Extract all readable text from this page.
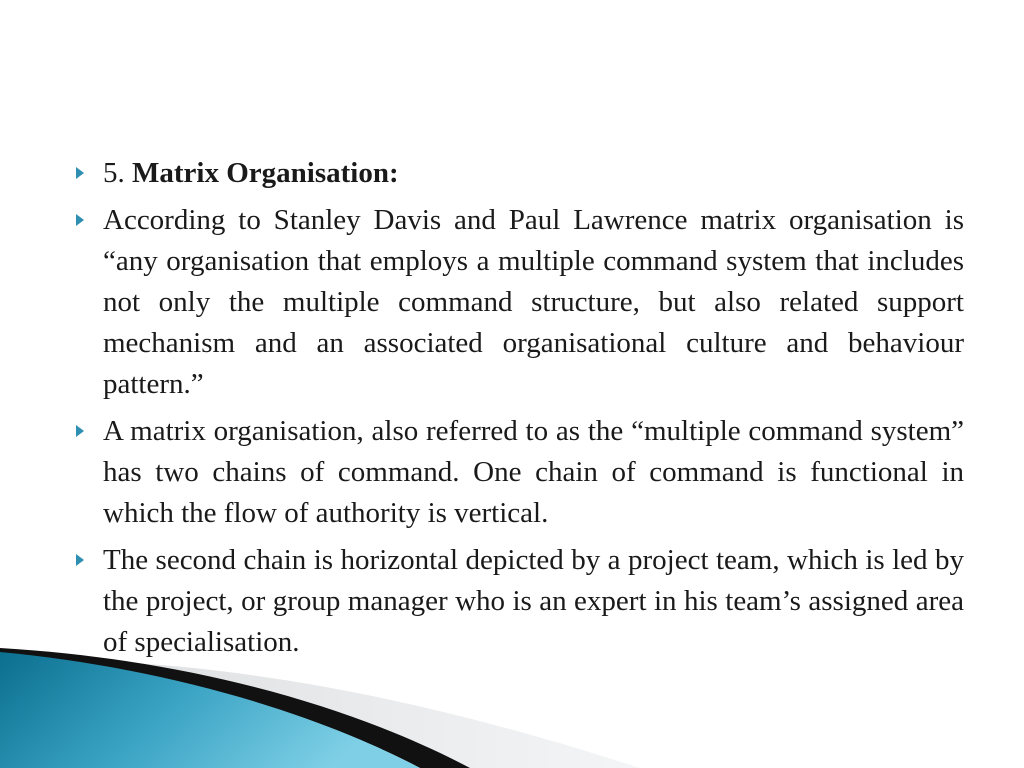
5. Matrix Organisation:
According to Stanley Davis and Paul Lawrence matrix organisation is “any organisation that employs a multiple command system that includes not only the multiple command structure, but also related support mechanism and an associated organisational culture and behaviour pattern.”
A matrix organisation, also referred to as the “multiple command system” has two chains of command. One chain of command is functional in which the flow of authority is vertical.
The second chain is horizontal depicted by a project team, which is led by the project, or group manager who is an expert in his team’s assigned area of specialisation.
